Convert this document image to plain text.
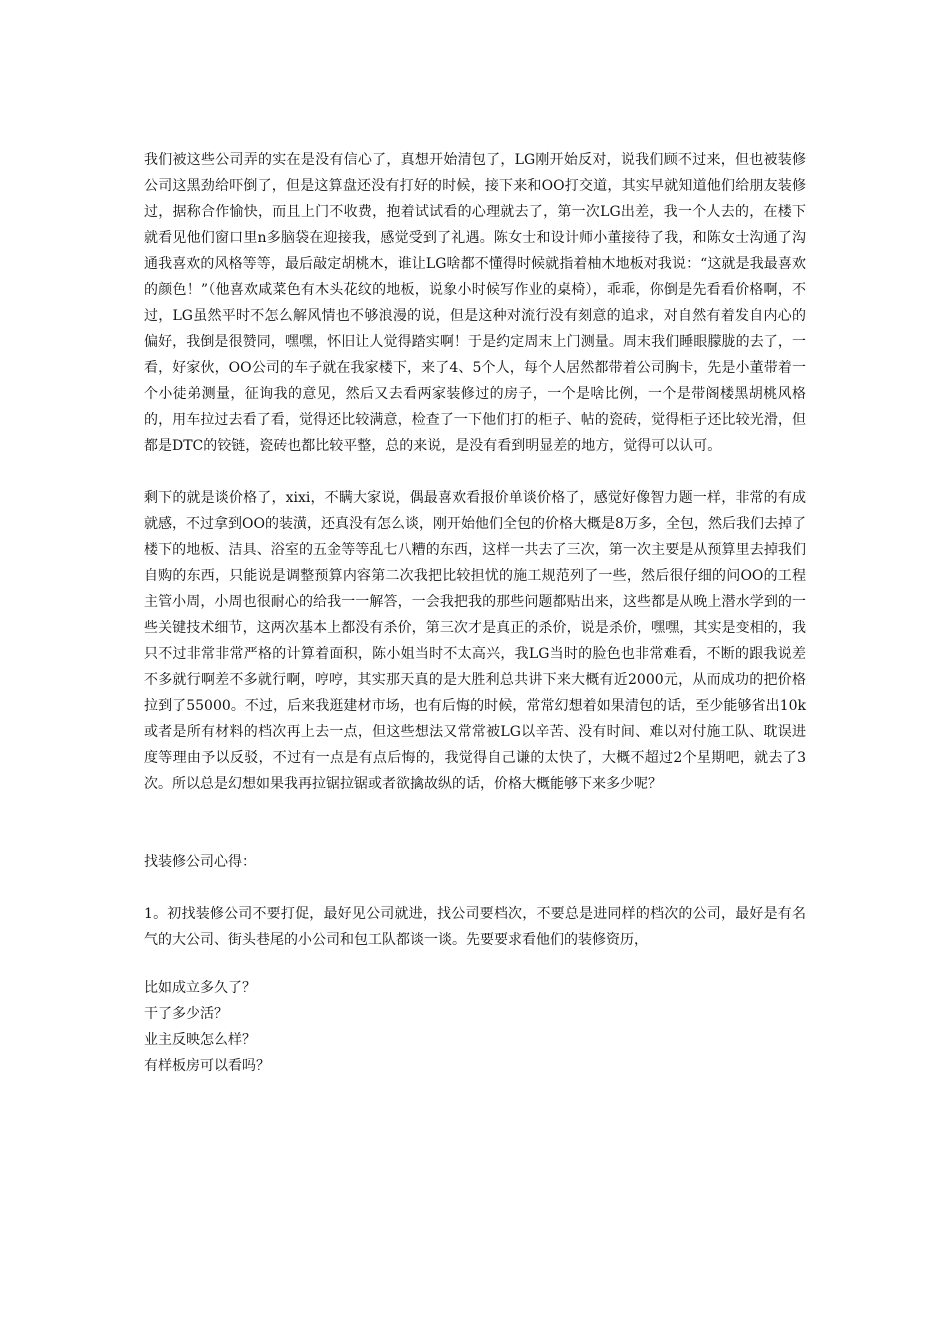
我们被这些公司弄的实在是没有信心了，真想开始清包了，LG刚开始反对，说我们顾不过来，但也被装修公司这黑劲给吓倒了，但是这算盘还没有打好的时候，接下来和OO打交道，其实早就知道他们给朋友装修过，据称合作愉快，而且上门不收费，抱着试试看的心理就去了，第一次LG出差，我一个人去的，在楼下就看见他们窗口里n多脑袋在迎接我，感觉受到了礼遇。陈女士和设计师小董接待了我，和陈女士沟通了沟通我喜欢的风格等等，最后敲定胡桃木，谁让LG啥都不懂得时候就指着柚木地板对我说：“这就是我最喜欢的颜色！”（他喜欢咸菜色有木头花纹的地板，说象小时候写作业的桌椅），乖乖，你倒是先看看价格啊，不过，LG虽然平时不怎么解风情也不够浪漫的说，但是这种对流行没有刻意的追求，对自然有着发自内心的偏好，我倒是很赞同，嘿嘿，怀旧让人觉得踏实啊！于是约定周末上门测量。周末我们睡眼朦胧的去了，一看，好家伙，OO公司的车子就在我家楼下，来了4、5个人，每个人居然都带着公司胸卡，先是小董带着一个小徒弟测量，征询我的意见，然后又去看两家装修过的房子，一个是啥比例，一个是带阁楼黑胡桃风格的，用车拉过去看了看，觉得还比较满意，检查了一下他们打的柜子、帖的瓷砖，觉得柜子还比较光滑，但都是DTC的铰链，瓷砖也都比较平整，总的来说，是没有看到明显差的地方，觉得可以认可。

剩下的就是谈价格了，xixi，不瞒大家说，偶最喜欢看报价单谈价格了，感觉好像智力题一样，非常的有成就感，不过拿到OO的装潢，还真没有怎么谈，刚开始他们全包的价格大概是8万多，全包，然后我们去掉了楼下的地板、洁具、浴室的五金等等乱七八糟的东西，这样一共去了三次，第一次主要是从预算里去掉我们自购的东西，只能说是调整预算内容第二次我把比较担忧的施工规范列了一些，然后很仔细的问OO的工程主管小周，小周也很耐心的给我一一解答，一会我把我的那些问题都贴出来，这些都是从晚上潜水学到的一些关键技术细节，这两次基本上都没有杀价，第三次才是真正的杀价，说是杀价，嘿嘿，其实是变相的，我只不过非常非常严格的计算着面积，陈小姐当时不太高兴，我LG当时的脸色也非常难看，不断的跟我说差不多就行啊差不多就行啊，哼哼，其实那天真的是大胜利总共讲下来大概有近2000元，从而成功的把价格拉到了55000。不过，后来我逛建材市场，也有后悔的时候，常常幻想着如果清包的话，至少能够省出10k或者是所有材料的档次再上去一点，但这些想法又常常被LG以辛苦、没有时间、难以对付施工队、耽误进度等理由予以反驳，不过有一点是有点后悔的，我觉得自己谦的太快了，大概不超过2个星期吧，就去了3次。所以总是幻想如果我再拉锯拉锯或者欲擒故纵的话，价格大概能够下来多少呢？

找装修公司心得：

1。初找装修公司不要打促，最好见公司就进，找公司要档次，不要总是进同样的档次的公司，最好是有名气的大公司、街头巷尾的小公司和包工队都谈一谈。先要要求看他们的装修资历，

比如成立多久了？
干了多少活？
业主反映怎么样？
有样板房可以看吗？
